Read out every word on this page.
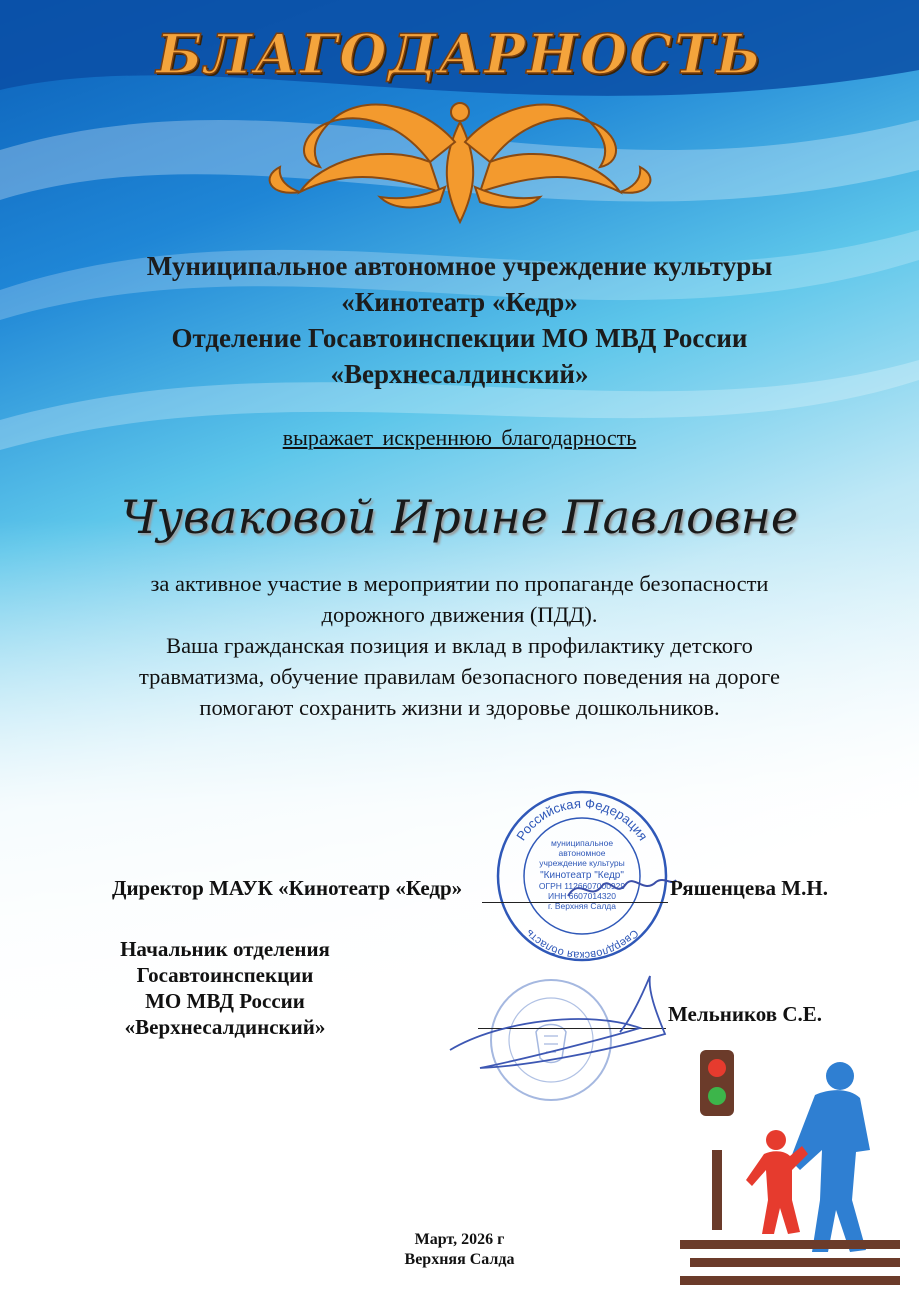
БЛАГОДАРНОСТЬ
Муниципальное автономное учреждение культуры
«Кинотеатр «Кедр»
Отделение Госавтоинспекции МО МВД России
«Верхнесалдинский»
выражает искреннюю благодарность
Чуваковой Ирине Павловне
за активное участие в мероприятии по пропаганде безопасности
дорожного движения (ПДД).
Ваша гражданская позиция и вклад в профилактику детского
травматизма, обучение правилам безопасного поведения на дороге
помогают сохранить жизни и здоровье дошкольников.
Российская Федерация
Свердловская область
муниципальное
автономное
учреждение культуры
"Кинотеатр "Кедр"
ОГРН 1126607000929
ИНН 6607014320
г. Верхняя Салда
Директор МАУК «Кинотеатр «Кедр»	Ряшенцева М.Н.
Начальник отделения
Госавтоинспекции
МО МВД России
«Верхнесалдинский»
Мельников С.Е.
Март, 2026 г
Верхняя Салда
